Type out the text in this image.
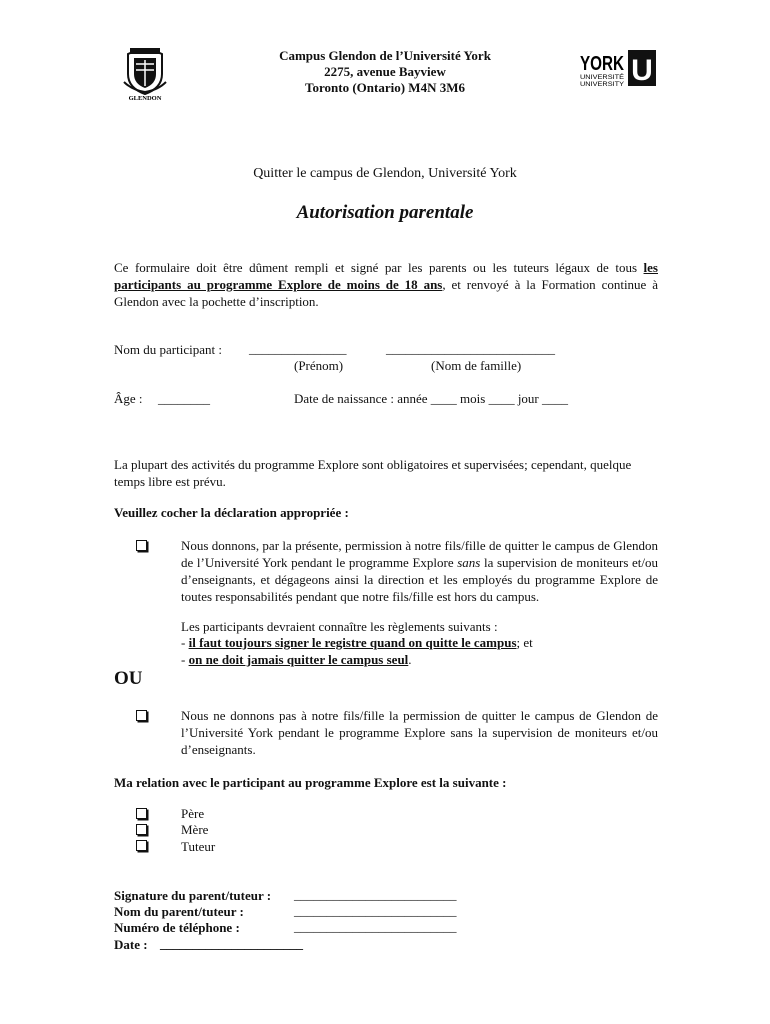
GLENDON
Campus Glendon de l’Université York
2275, avenue Bayview
Toronto (Ontario) M4N 3M6
YORK U
UNIVERSITÉ
UNIVERSITY
Quitter le campus de Glendon, Université York
Autorisation parentale
Ce formulaire doit être dûment rempli et signé par les parents ou les tuteurs légaux de tous les participants au programme Explore de moins de 18 ans, et renvoyé à la Formation continue à Glendon avec la pochette d’inscription.
Nom du participant : _______________	__________________________
(Prénom)	(Nom de famille)
Âge : ________	Date de naissance : année ____ mois ____ jour ____
La plupart des activités du programme Explore sont obligatoires et supervisées; cependant, quelque temps libre est prévu.
Veuillez cocher la déclaration appropriée :
Nous donnons, par la présente, permission à notre fils/fille de quitter le campus de Glendon de l’Université York pendant le programme Explore sans la supervision de moniteurs et/ou d’enseignants, et dégageons ainsi la direction et les employés du programme Explore de toutes responsabilités pendant que notre fils/fille est hors du campus.
Les participants devraient connaître les règlements suivants :
- il faut toujours signer le registre quand on quitte le campus; et
- on ne doit jamais quitter le campus seul.
OU
Nous ne donnons pas à notre fils/fille la permission de quitter le campus de Glendon de l’Université York pendant le programme Explore sans la supervision de moniteurs et/ou d’enseignants.
Ma relation avec le participant au programme Explore est la suivante :
Père
Mère
Tuteur
Signature du parent/tuteur : _________________________
Nom du parent/tuteur :	_________________________
Numéro de téléphone :	_________________________
Date : ______________________
